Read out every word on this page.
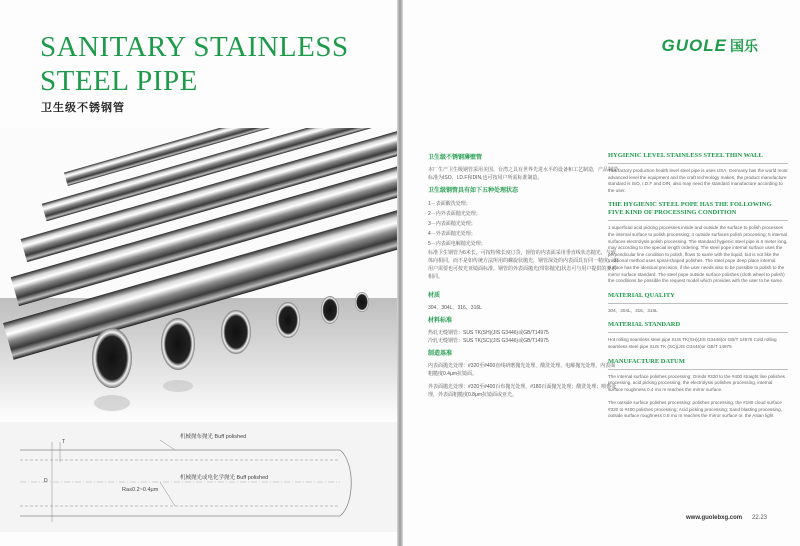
SANITARY STAINLESS
STEEL PIPE
卫生级不锈钢管
T
D
机械抛布抛光 Buff polished
Ra≤0.2~0.4μm
机械抛光或电化学抛光 Buff polished
GUOLE 国乐
卫生级不锈钢薄壁管
本厂生产卫生级钢管采用美国、台湾之具有世界先进水平的设备和工艺制造，产品制造标准为ISO、I.D.F和DIN,也可按用户所需标准制造。
卫生级钢管具有如下五种处理状态
1－表面酸洗处理；
2－内外表面抛光处理；
3－内表面抛光处理；
4－外表面抛光处理；
5－内表面电解抛光处理；
标准卫生钢管为6米长，可按特殊长度订货，钢管的内表面采用垂直线状态抛光，与液体向相同，而不是如传统方法所用的螺旋状抛光，钢管深处的内表面具有同一精度，如用户需要也可按光亚镜面标准。钢管的外表面抛光(带影抛光)状态可与用户提供的要求相同。
材质
304、304L、316、316L
材料标准
热轧无缝钢管：SUS TK(SH)(JIS G3446)或GB/T14975
冷轧无缝钢管：SUS TK(SC)(JIS G3446)或GB/T14975
制造基准
内表面抛光处理：#320至#400直线研磨抛光处理，酸洗处理，电解抛光处理，内表面粗糙度0.4μm抗镜面。
外表面抛光处理：#320至#400百布抛光处理，#180百面抛光处理；酸洗处理；喷砂处理，外表面粗糙度0.8μm抗镜面或亚光。
HYGIENIC LEVEL STAINLESS STEEL THIN WALL
This factory production health level steel pipe is uses USA, Germany has the world most advanced level the equipment and the craft technology makes, the product manufacture standard is ISO, I.D.F and DIN, also may need the standard manufacture according to the user.
THE HYGIENIC STEEL POPE HAS THE FOLLOWING FIVE KIND OF PROCESSING CONDITION
1 superficial acid picking processes inside and outside the surface to polish processes the internal surface to polish processing; 4 outside surfaces polish processing; 5 internal surfaces electrolysis polish processing. The standard hygienic steel pipe is 6 meter long, may according to the special length ordering. The steel pope internal surface uses the perpendicular line condition to polish, flows to same with the liquid, but is not like the traditional method uses spiral-shaped polishes. The steel pope deep place internal surface has the identical precision, if the user needs also to be possible to polish to the mirror surface standard. The steel pope outside surface polishes (cloth wheel to polish) the conditions be possible the request model which provides with the user to be same.
MATERIAL QUALITY
304、304L、316、316L
MATERIAL STANDARD
Hot rolling seamless steel pipe SUS TK(SH)(JIS G3446)or GB/T 14975 Cold rolling seamless steel pipe SUS TK (SC)(JIS G3446)or GB/T 14975
MANUFACTURE DATUM
The internal surface polishes processing: Grinds #320 to the #400 straight line polishes processing, acid picking processing, the electrolysis polishes processing, internal surface roughness 0.4 mu m reaches the mirror surface.
The outside surface polishes processing: polishes processing, the #180 cloud surface #320 to #400 polishes processing; Acid picking processing; Sand blasting processing, outside surface roughness 0.8 mu m reaches the mirror surface or. the Asian light
www.guolebxg.com 22.23
